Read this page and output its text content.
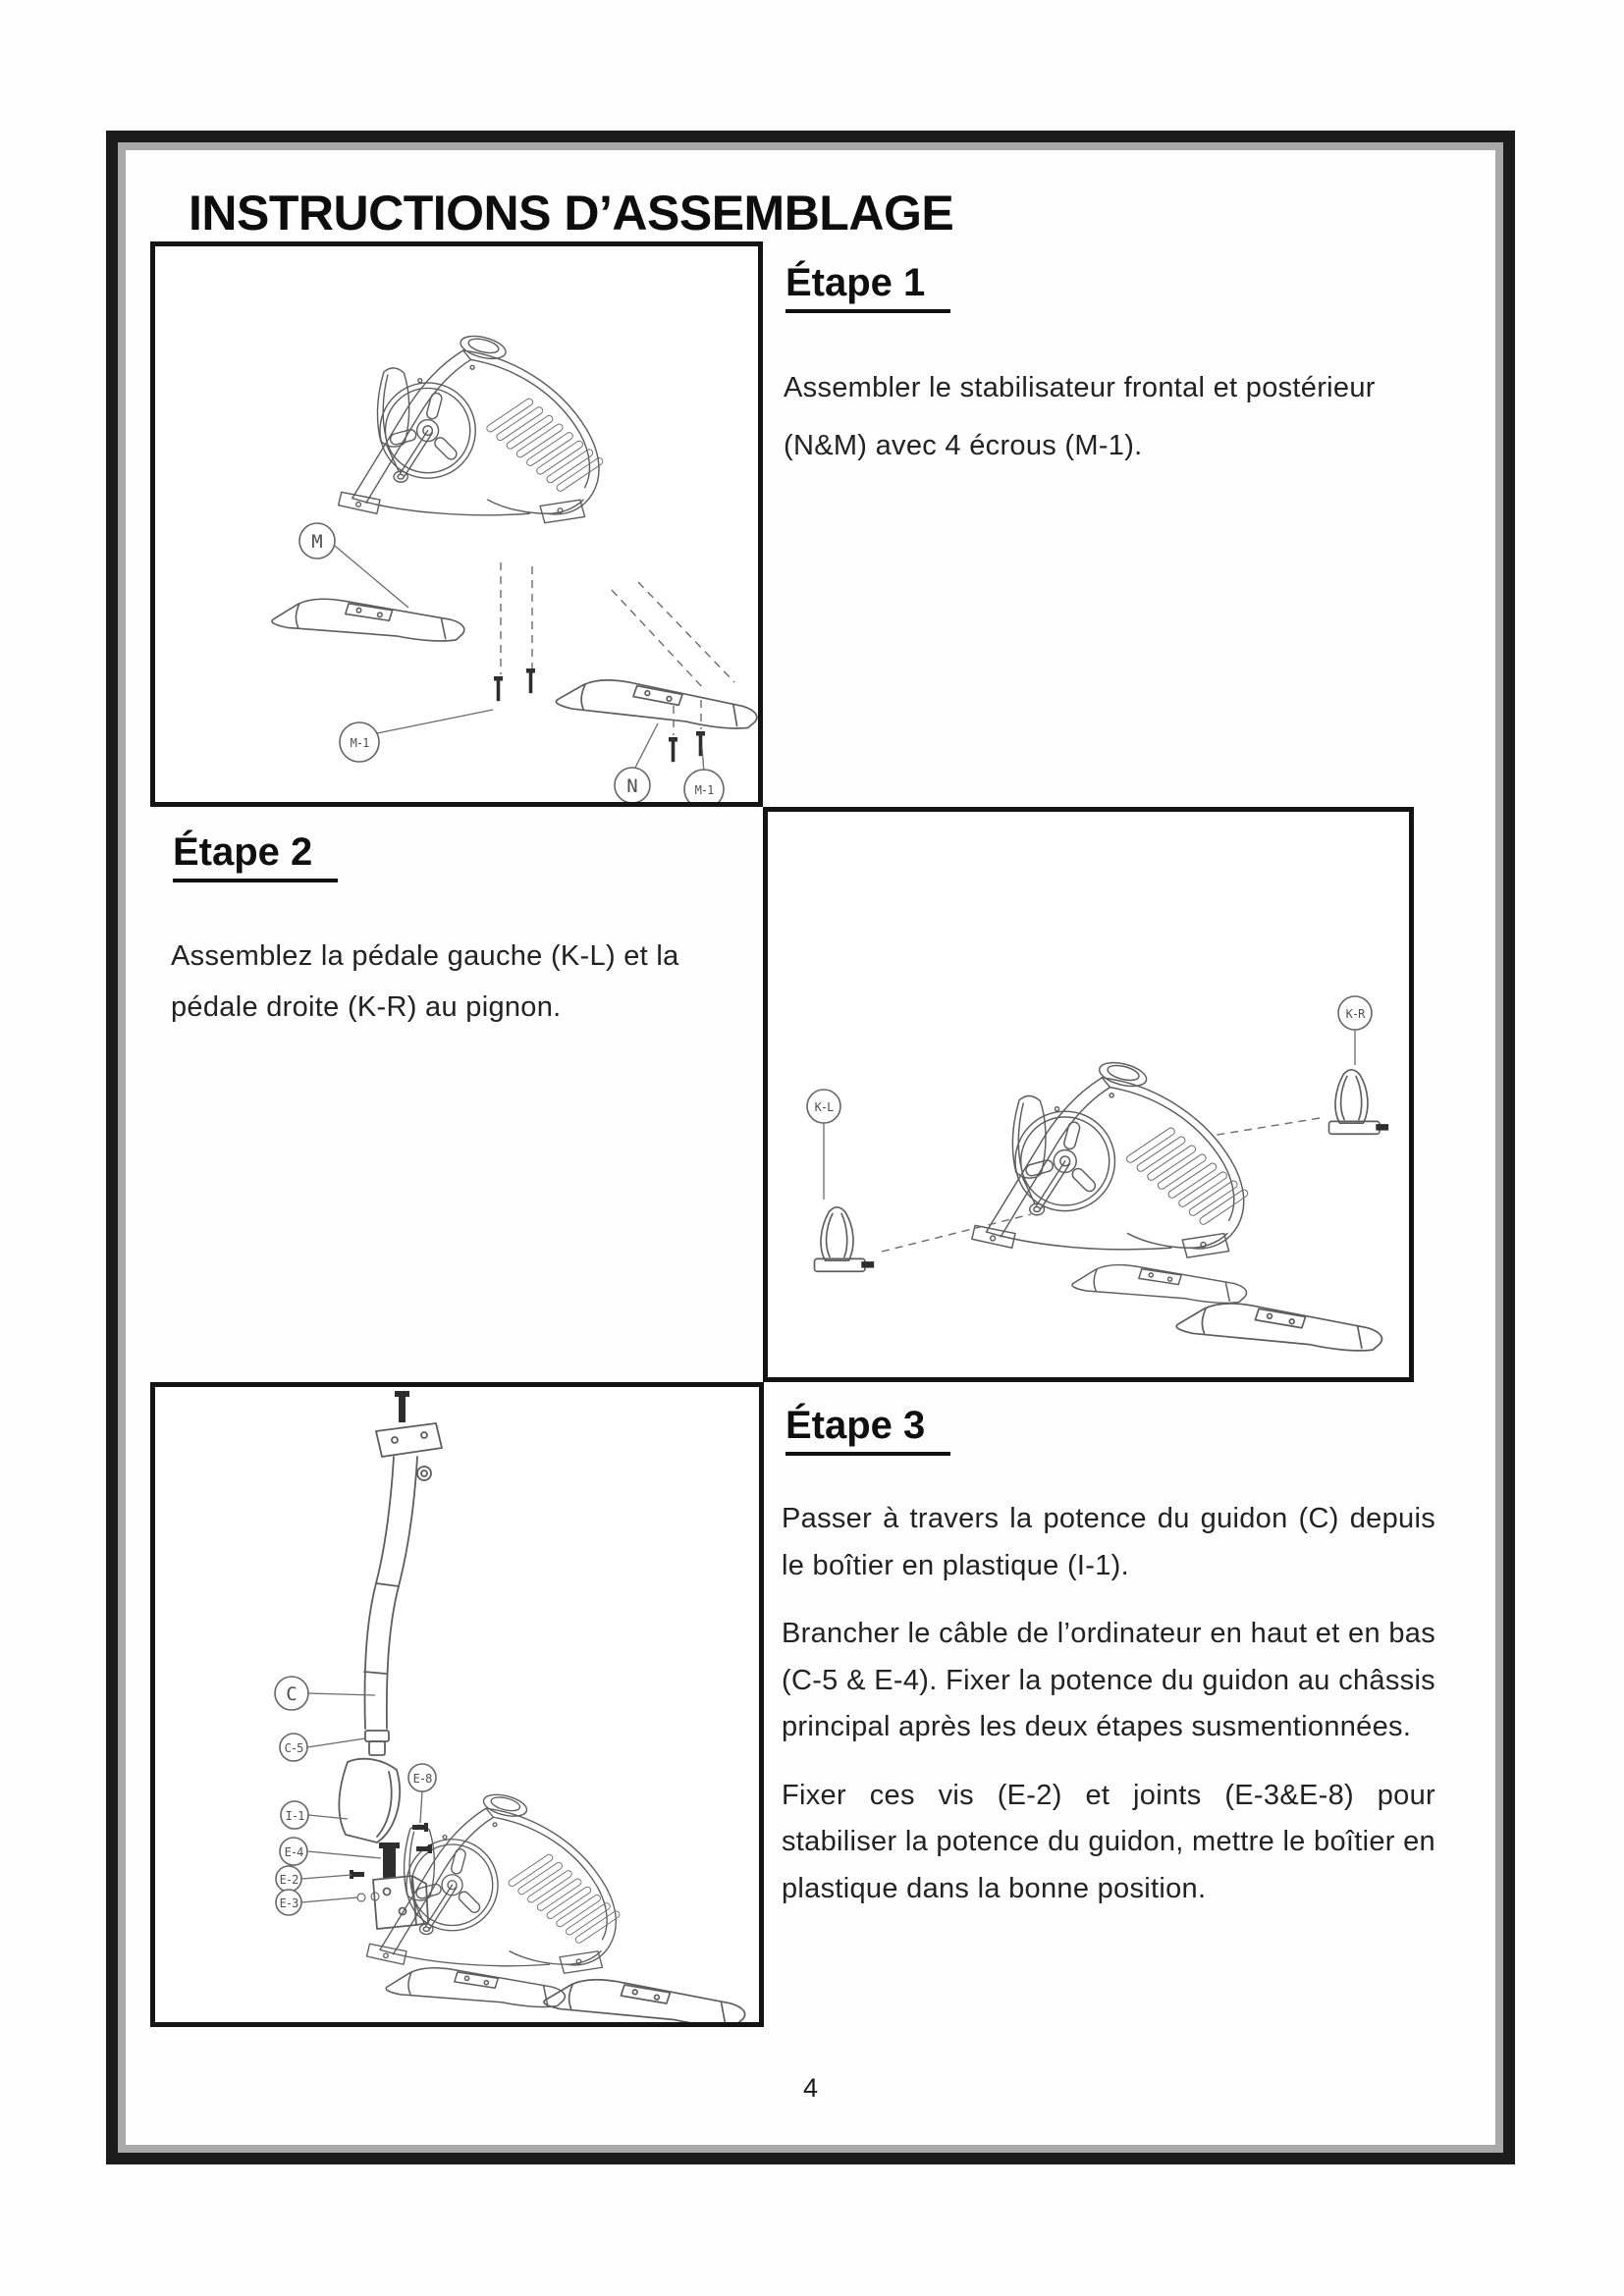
INSTRUCTIONS D’ASSEMBLAGE
M
M-1
N	M-1
Étape 1
Assembler le stabilisateur frontal et postérieur (N&M) avec 4 écrous (M-1).
Étape 2
Assemblez la pédale gauche (K-L) et la pédale droite (K-R) au pignon.
K-L
K-R
C
C-5
I-1
E-4
E-2
E-3
E-8
Étape 3

Passer à travers la potence du guidon (C) depuis le boîtier en plastique (I-1).

Brancher le câble de l’ordinateur en haut et en bas (C-5 & E-4). Fixer la potence du guidon au châssis principal après les deux étapes susmentionnées.

Fixer ces vis (E-2) et joints (E-3&E-8) pour stabiliser la potence du guidon, mettre le boîtier en plastique dans la bonne position.

4
